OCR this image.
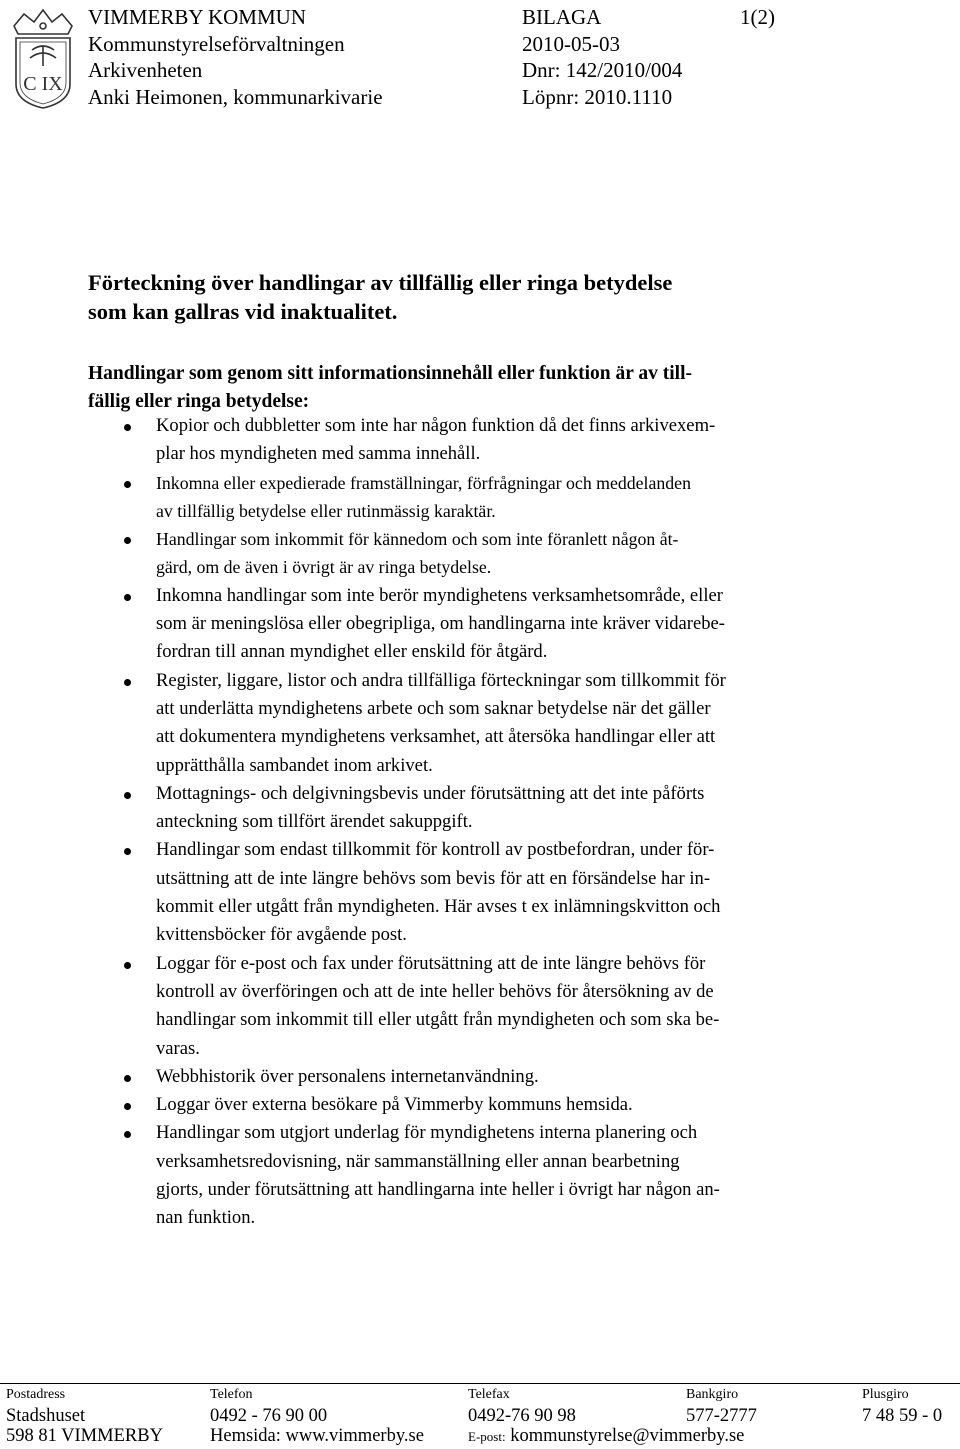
C IX
VIMMERBY KOMMUN
Kommunstyrelseförvaltningen
Arkivenheten
Anki Heimonen, kommunarkivarie
BILAGA	1(2)
2010-05-03
Dnr: 142/2010/004
Löpnr: 2010.1110
Förteckning över handlingar av tillfällig eller ringa betydelse
som kan gallras vid inaktualitet.
Handlingar som genom sitt informationsinnehåll eller funktion är av till-
fällig eller ringa betydelse:
Kopior och dubbletter som inte har någon funktion då det finns arkivexem-
plar hos myndigheten med samma innehåll.
Inkomna eller expedierade framställningar, förfrågningar och meddelanden
av tillfällig betydelse eller rutinmässig karaktär.
Handlingar som inkommit för kännedom och som inte föranlett någon åt-
gärd, om de även i övrigt är av ringa betydelse.
Inkomna handlingar som inte berör myndighetens verksamhetsområde, eller
som är meningslösa eller obegripliga, om handlingarna inte kräver vidarebe-
fordran till annan myndighet eller enskild för åtgärd.
Register, liggare, listor och andra tillfälliga förteckningar som tillkommit för
att underlätta myndighetens arbete och som saknar betydelse när det gäller
att dokumentera myndighetens verksamhet, att återsöka handlingar eller att
upprätthålla sambandet inom arkivet.
Mottagnings- och delgivningsbevis under förutsättning att det inte påförts
anteckning som tillfört ärendet sakuppgift.
Handlingar som endast tillkommit för kontroll av postbefordran, under för-
utsättning att de inte längre behövs som bevis för att en försändelse har in-
kommit eller utgått från myndigheten. Här avses t ex inlämningskvitton och
kvittensböcker för avgående post.
Loggar för e-post och fax under förutsättning att de inte längre behövs för
kontroll av överföringen och att de inte heller behövs för återsökning av de
handlingar som inkommit till eller utgått från myndigheten och som ska be-
varas.
Webbhistorik över personalens internetanvändning.
Loggar över externa besökare på Vimmerby kommuns hemsida.
Handlingar som utgjort underlag för myndighetens interna planering och
verksamhetsredovisning, när sammanställning eller annan bearbetning
gjorts, under förutsättning att handlingarna inte heller i övrigt har någon an-
nan funktion.
Postadress
Stadshuset
598 81 VIMMERBY
Telefon
0492 - 76 90 00
Hemsida: www.vimmerby.se
Telefax
0492-76 90 98
E-post: kommunstyrelse@vimmerby.se
Bankgiro
577-2777
Plusgiro
7 48 59 - 0
